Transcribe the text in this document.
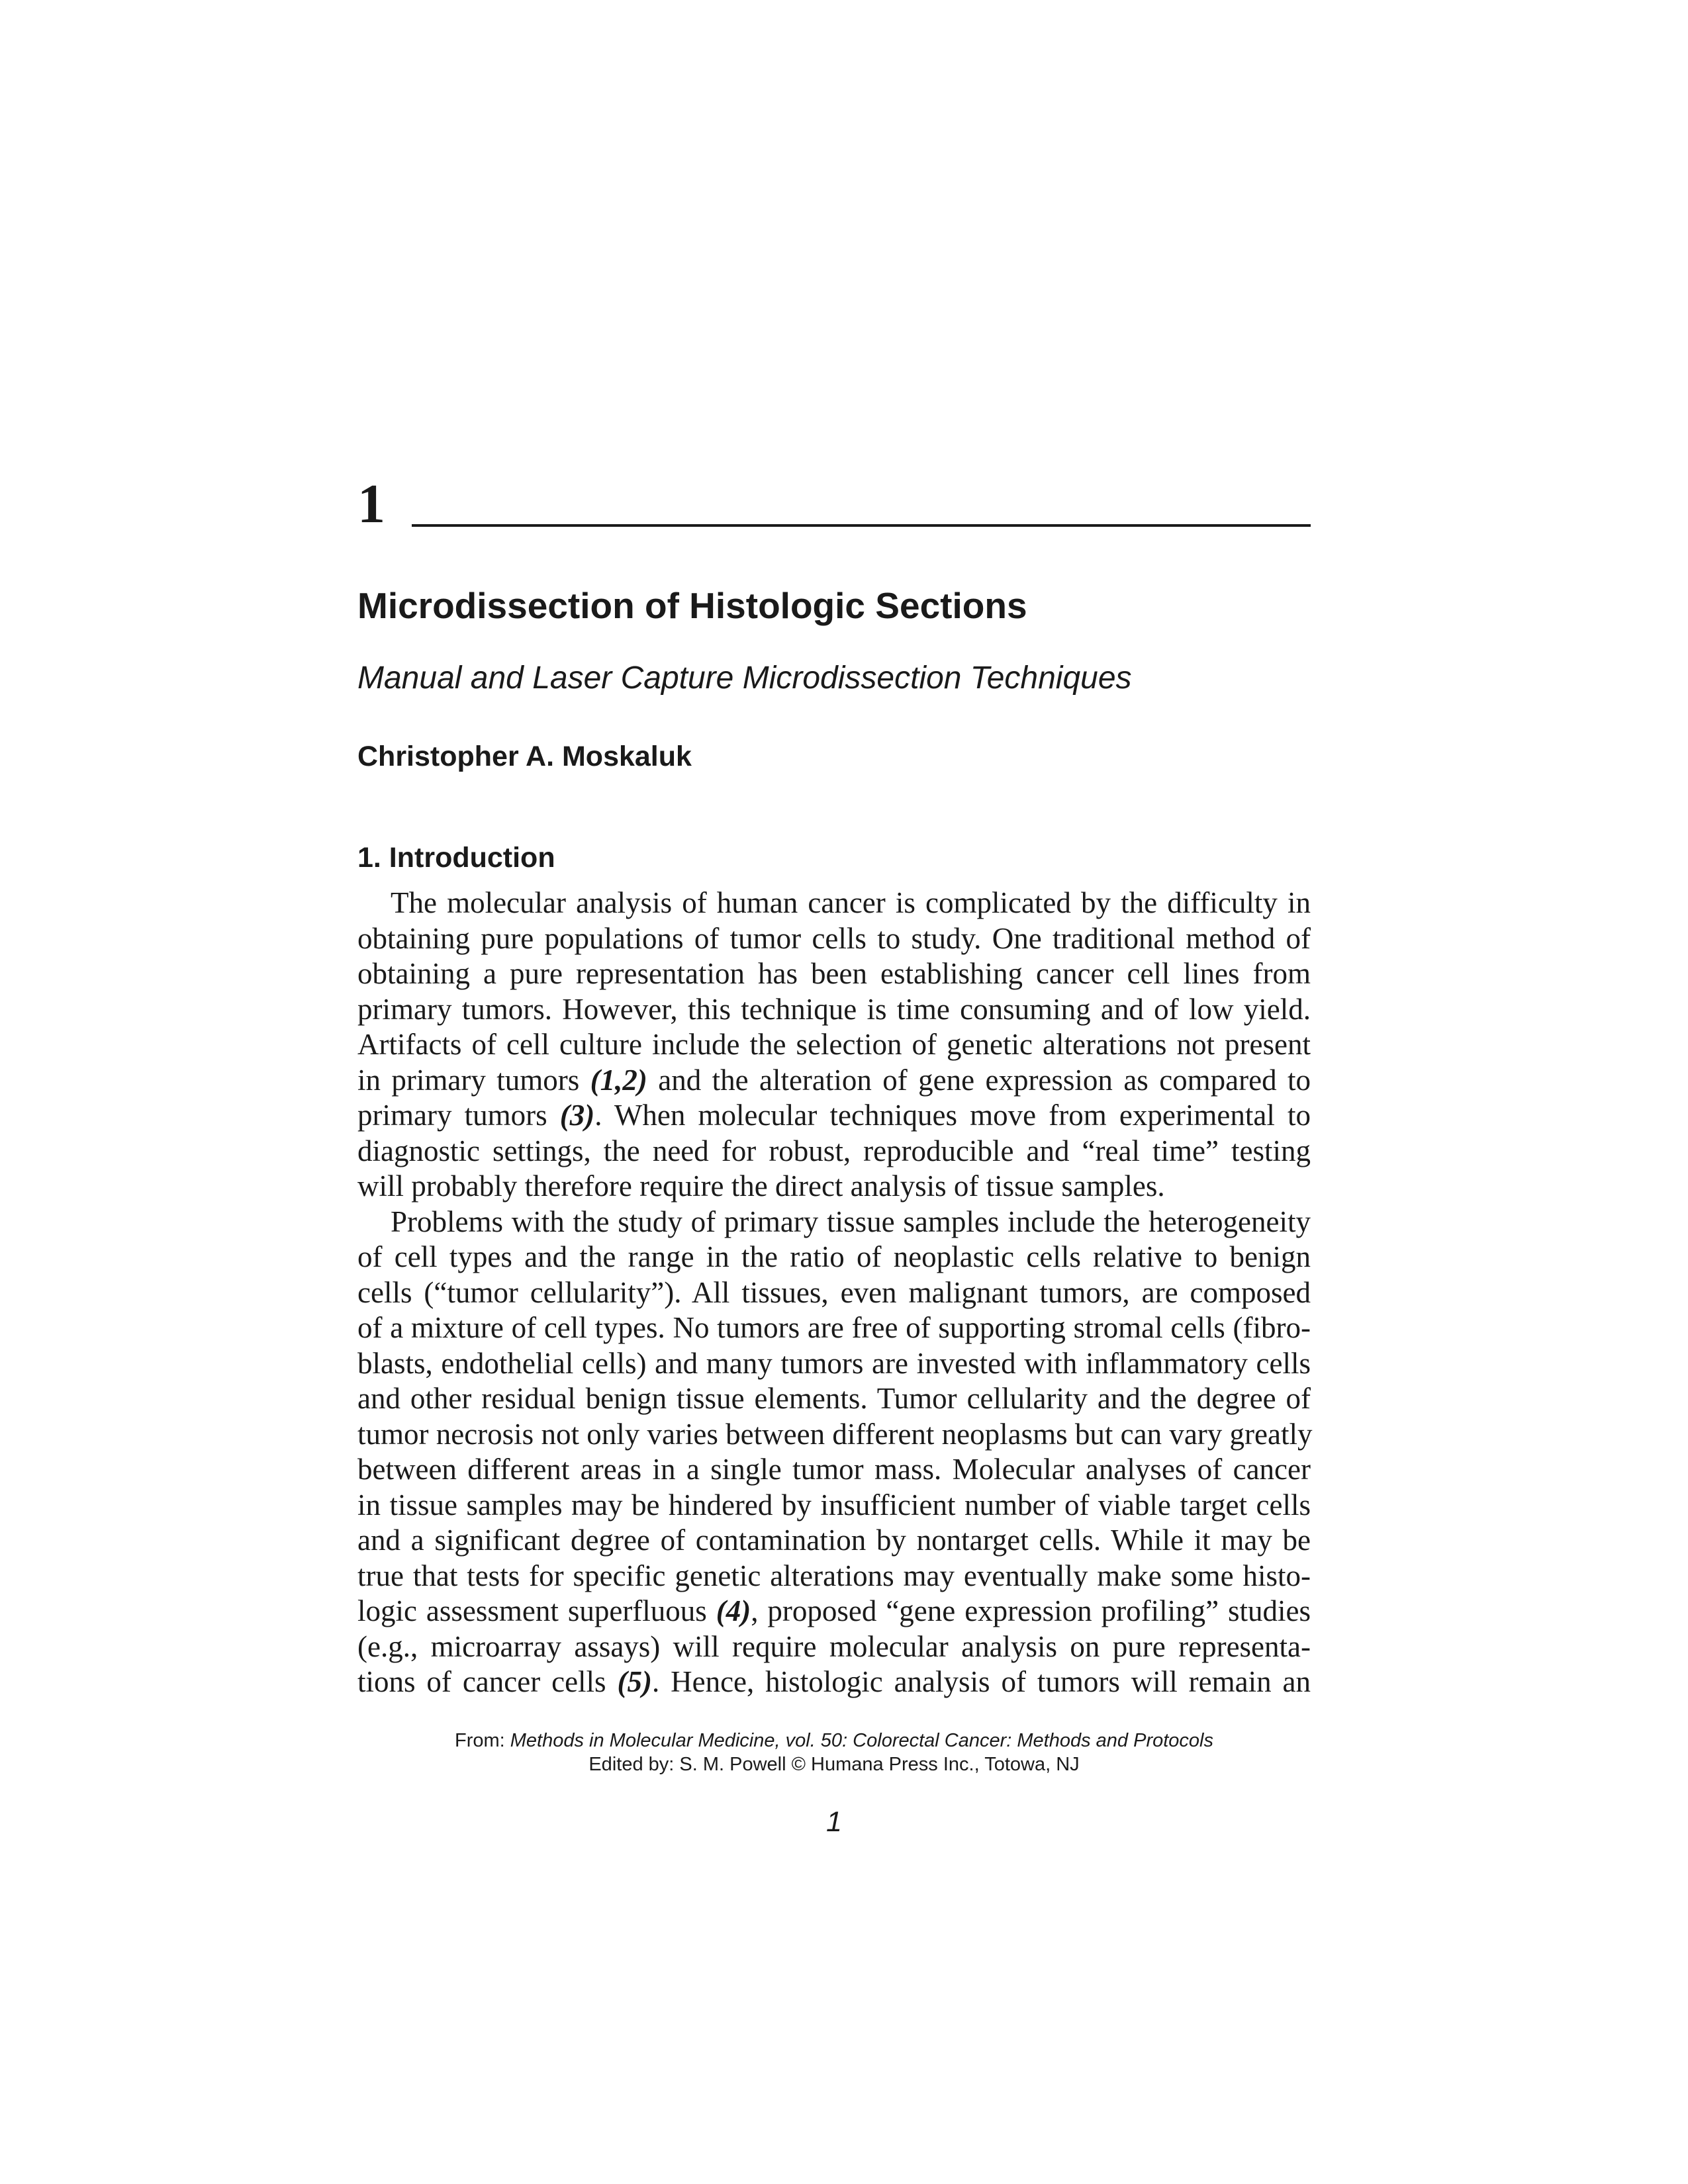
1
Microdissection of Histologic Sections
Manual and Laser Capture Microdissection Techniques
Christopher A. Moskaluk
1. Introduction
The molecular analysis of human cancer is complicated by the difficulty in
obtaining pure populations of tumor cells to study. One traditional method of
obtaining a pure representation has been establishing cancer cell lines from
primary tumors. However, this technique is time consuming and of low yield.
Artifacts of cell culture include the selection of genetic alterations not present
in primary tumors (1,2) and the alteration of gene expression as compared to
primary tumors (3). When molecular techniques move from experimental to
diagnostic settings, the need for robust, reproducible and “real time” testing
will probably therefore require the direct analysis of tissue samples.
Problems with the study of primary tissue samples include the heterogeneity
of cell types and the range in the ratio of neoplastic cells relative to benign
cells (“tumor cellularity”). All tissues, even malignant tumors, are composed
of a mixture of cell types. No tumors are free of supporting stromal cells (fibro-
blasts, endothelial cells) and many tumors are invested with inflammatory cells
and other residual benign tissue elements. Tumor cellularity and the degree of
tumor necrosis not only varies between different neoplasms but can vary greatly
between different areas in a single tumor mass. Molecular analyses of cancer
in tissue samples may be hindered by insufficient number of viable target cells
and a significant degree of contamination by nontarget cells. While it may be
true that tests for specific genetic alterations may eventually make some histo-
logic assessment superfluous (4), proposed “gene expression profiling” studies
(e.g., microarray assays) will require molecular analysis on pure representa-
tions of cancer cells (5). Hence, histologic analysis of tumors will remain an
From: Methods in Molecular Medicine, vol. 50: Colorectal Cancer: Methods and Protocols
Edited by: S. M. Powell © Humana Press Inc., Totowa, NJ
1
